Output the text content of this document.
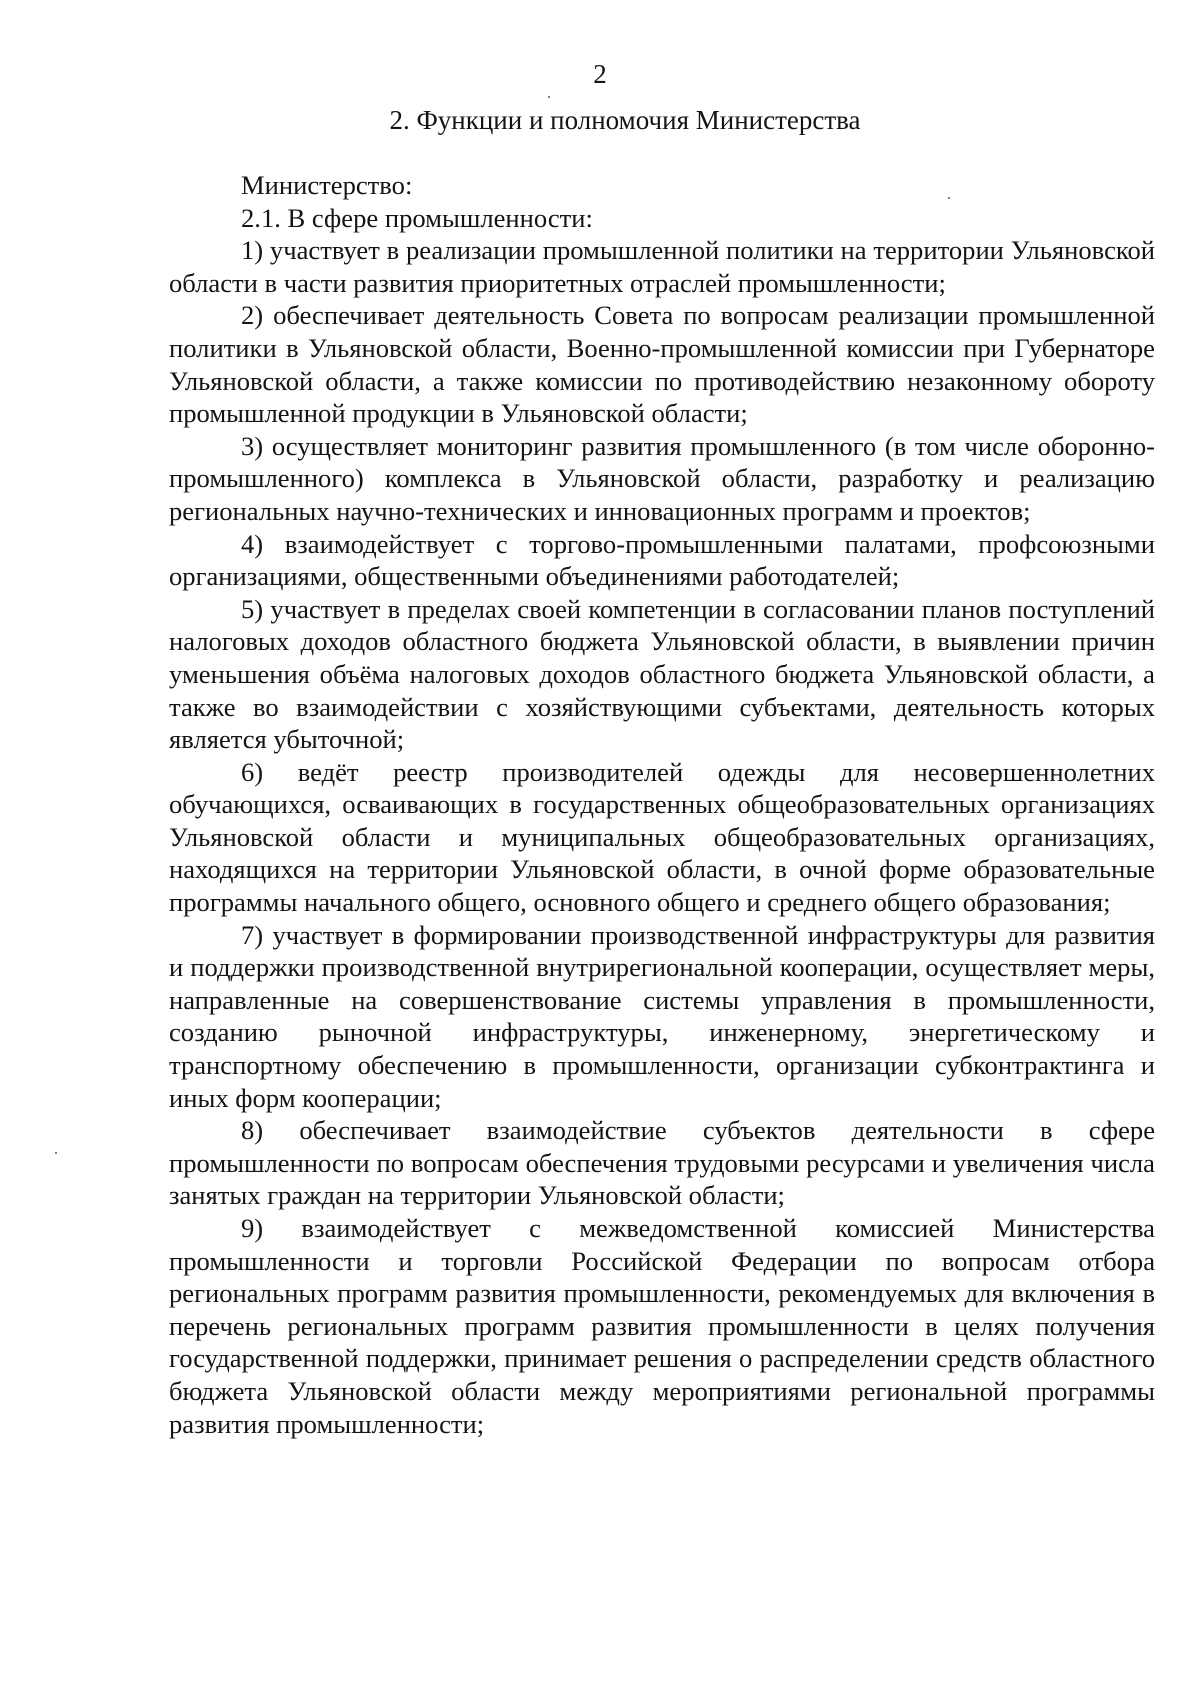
2
2. Функции и полномочия Министерства

Министерство:

2.1. В сфере промышленности:

1) участвует в реализации промышленной политики на территории Ульяновской области в части развития приоритетных отраслей промышленности;

2) обеспечивает деятельность Совета по вопросам реализации промышленной политики в Ульяновской области, Военно-промышленной комиссии при Губернаторе Ульяновской области, а также комиссии по противодействию незаконному обороту промышленной продукции в Ульяновской области;

3) осуществляет мониторинг развития промышленного (в том числе оборонно-промышленного) комплекса в Ульяновской области, разработку и реализацию региональных научно-технических и инновационных программ и проектов;

4) взаимодействует с торгово-промышленными палатами, профсоюзными организациями, общественными объединениями работодателей;

5) участвует в пределах своей компетенции в согласовании планов поступлений налоговых доходов областного бюджета Ульяновской области, в выявлении причин уменьшения объёма налоговых доходов областного бюджета Ульяновской области, а также во взаимодействии с хозяйствующими субъектами, деятельность которых является убыточной;

6) ведёт реестр производителей одежды для несовершеннолетних обучающихся, осваивающих в государственных общеобразовательных организациях Ульяновской области и муниципальных общеобразовательных организациях, находящихся на территории Ульяновской области, в очной форме образовательные программы начального общего, основного общего и среднего общего образования;

7) участвует в формировании производственной инфраструктуры для развития и поддержки производственной внутрирегиональной кооперации, осуществляет меры, направленные на совершенствование системы управления в промышленности, созданию рыночной инфраструктуры, инженерному, энергетическому и транспортному обеспечению в промышленности, организации субконтрактинга и иных форм кооперации;

8) обеспечивает взаимодействие субъектов деятельности в сфере промышленности по вопросам обеспечения трудовыми ресурсами и увеличения числа занятых граждан на территории Ульяновской области;

9) взаимодействует с межведомственной комиссией Министерства промышленности и торговли Российской Федерации по вопросам отбора региональных программ развития промышленности, рекомендуемых для включения в перечень региональных программ развития промышленности в целях получения государственной поддержки, принимает решения о распределении средств областного бюджета Ульяновской области между мероприятиями региональной программы развития промышленности;
